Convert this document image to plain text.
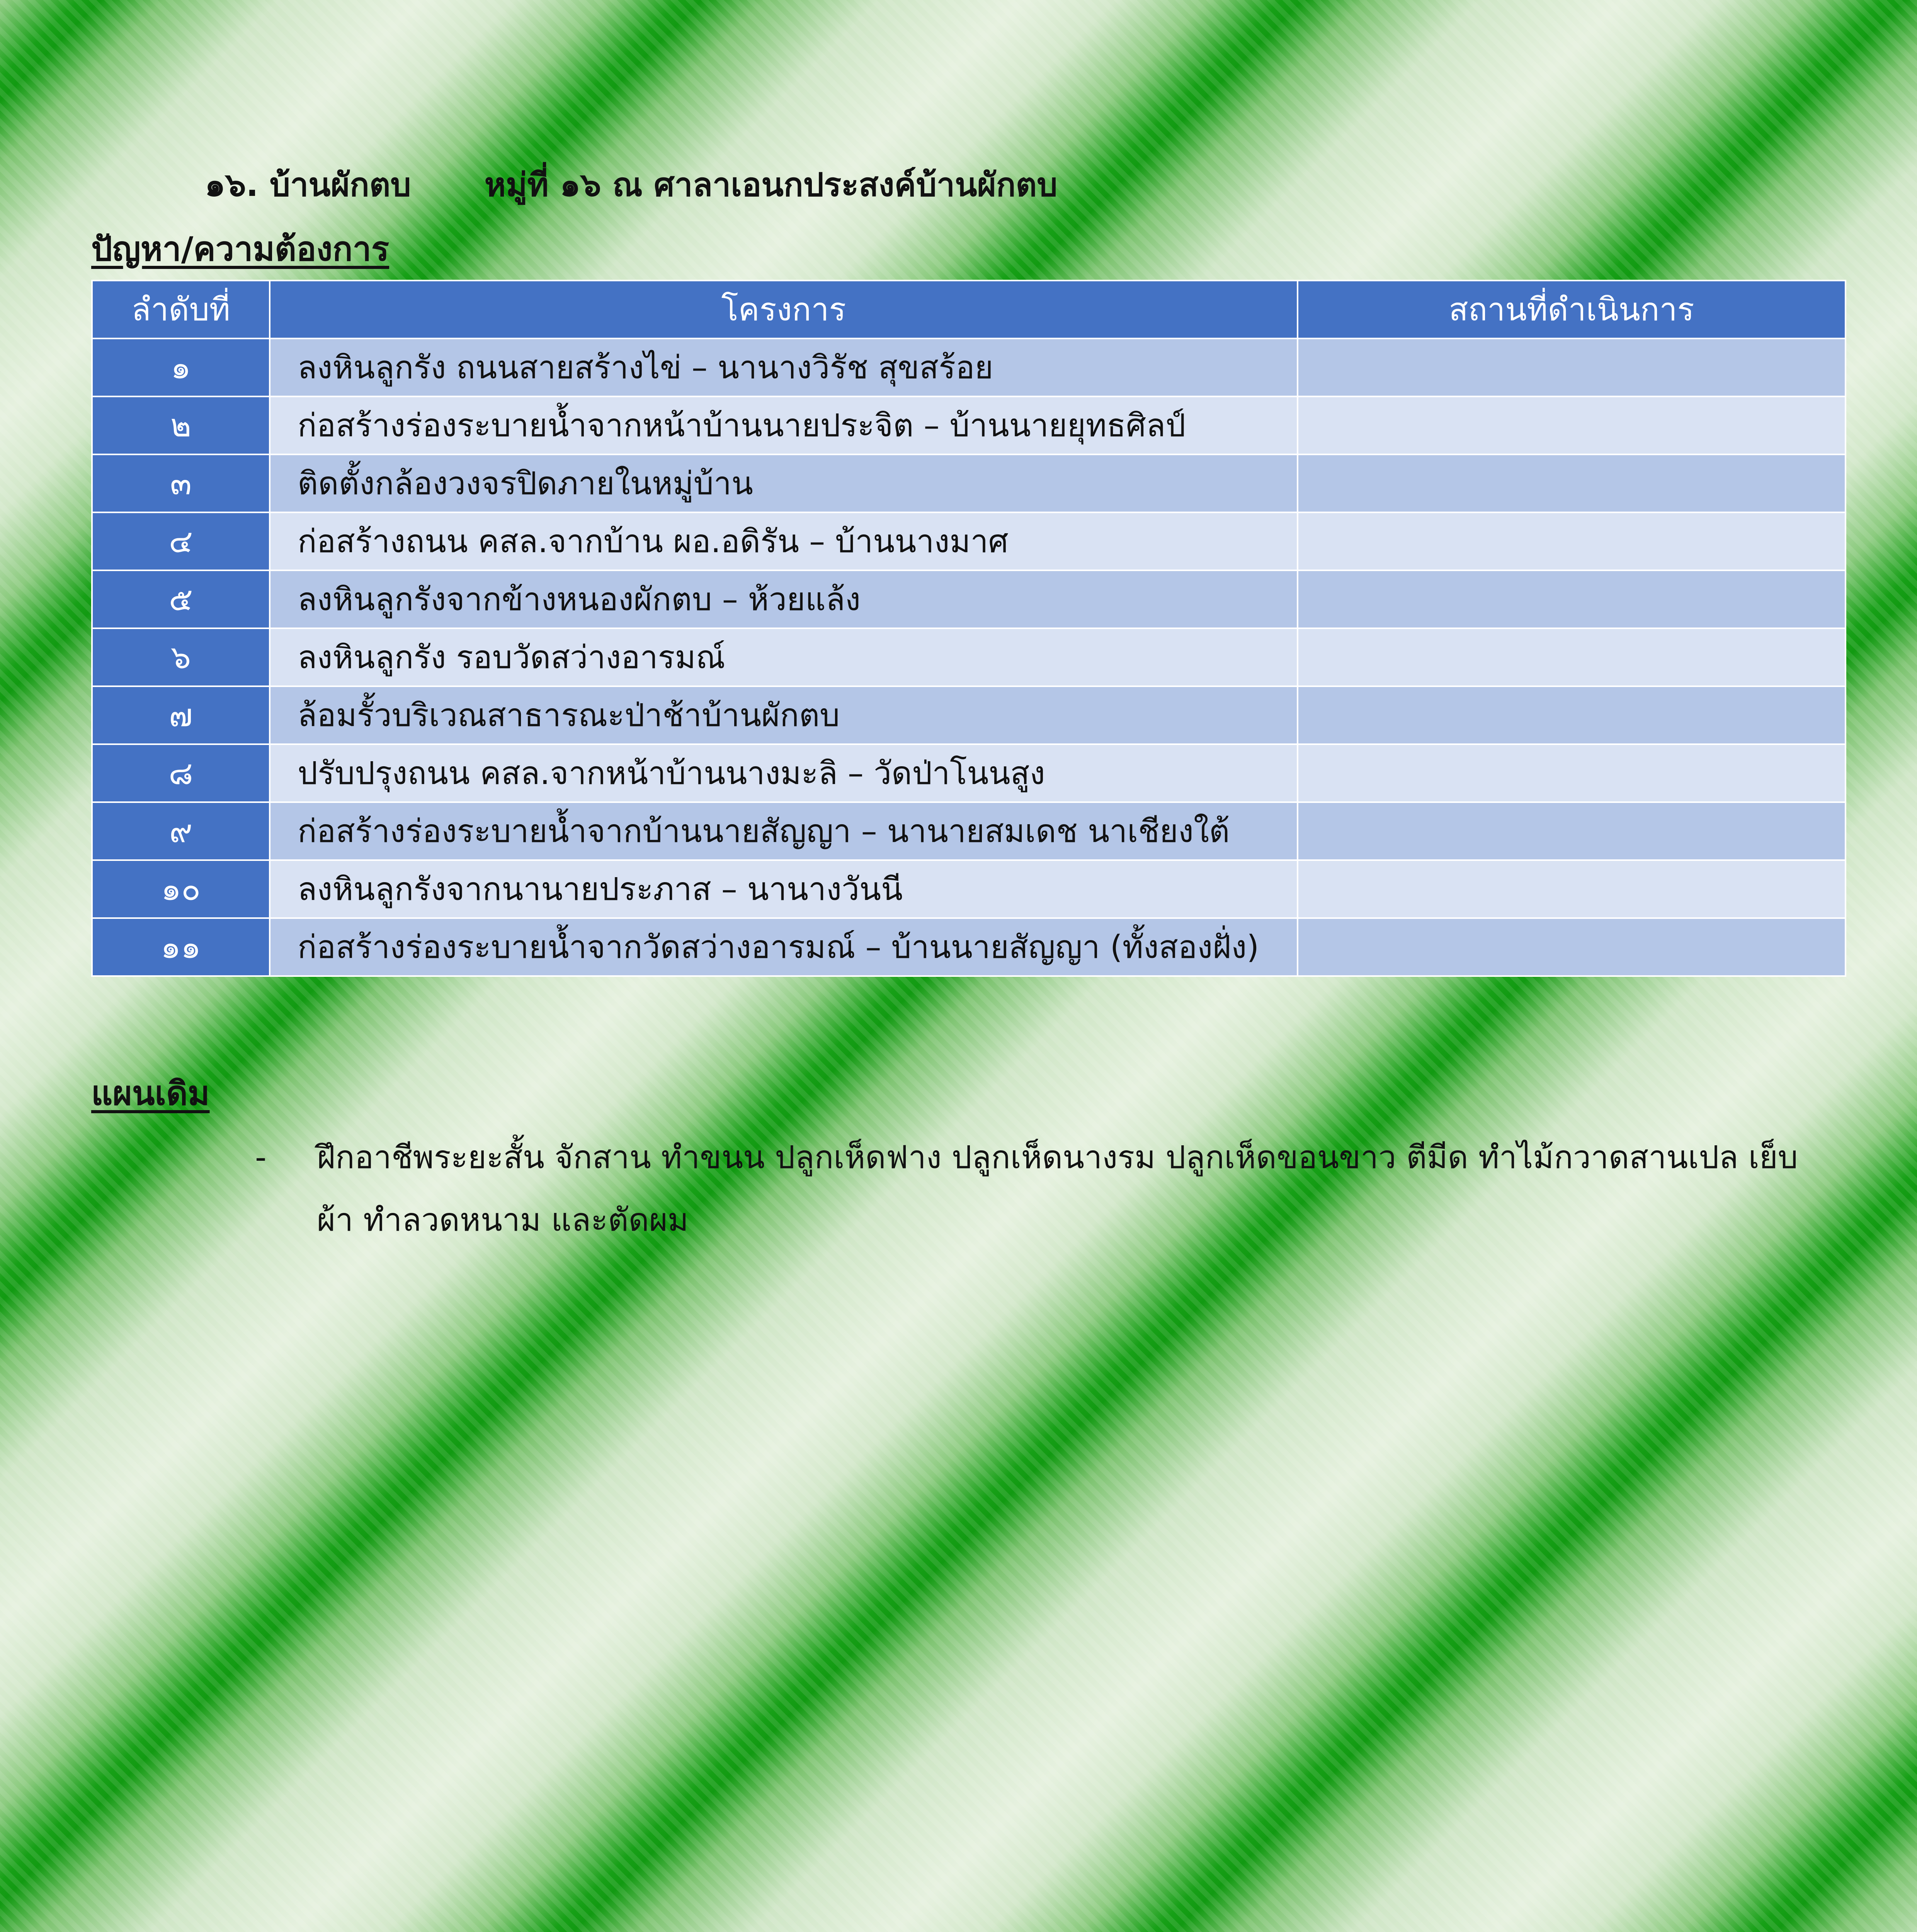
๑๖. บ้านผักตบ หมู่ที่ ๑๖ ณ ศาลาเอนกประสงค์บ้านผักตบ
ปัญหา/ความต้องการ
ลำดับที่	โครงการ	สถานที่ดำเนินการ
๑	ลงหินลูกรัง ถนนสายสร้างไข่ – นานางวิรัช สุขสร้อย	
๒	ก่อสร้างร่องระบายน้ำจากหน้าบ้านนายประจิต – บ้านนายยุทธศิลป์	
๓	ติดตั้งกล้องวงจรปิดภายในหมู่บ้าน	
๔	ก่อสร้างถนน คสล.จากบ้าน ผอ.อดิรัน – บ้านนางมาศ	
๕	ลงหินลูกรังจากข้างหนองผักตบ – ห้วยแล้ง	
๖	ลงหินลูกรัง รอบวัดสว่างอารมณ์	
๗	ล้อมรั้วบริเวณสาธารณะป่าช้าบ้านผักตบ	
๘	ปรับปรุงถนน คสล.จากหน้าบ้านนางมะลิ – วัดป่าโนนสูง	
๙	ก่อสร้างร่องระบายน้ำจากบ้านนายสัญญา – นานายสมเดช นาเชียงใต้	
๑๐	ลงหินลูกรังจากนานายประภาส – นานางวันนี	
๑๑	ก่อสร้างร่องระบายน้ำจากวัดสว่างอารมณ์ – บ้านนายสัญญา (ทั้งสองฝั่ง)	
แผนเดิม
- ฝึกอาชีพระยะสั้น จักสาน ทำขนน ปลูกเห็ดฟาง ปลูกเห็ดนางรม ปลูกเห็ดขอนขาว ตีมีด ทำไม้กวาดสานเปล เย็บผ้า ทำลวดหนาม และตัดผม
